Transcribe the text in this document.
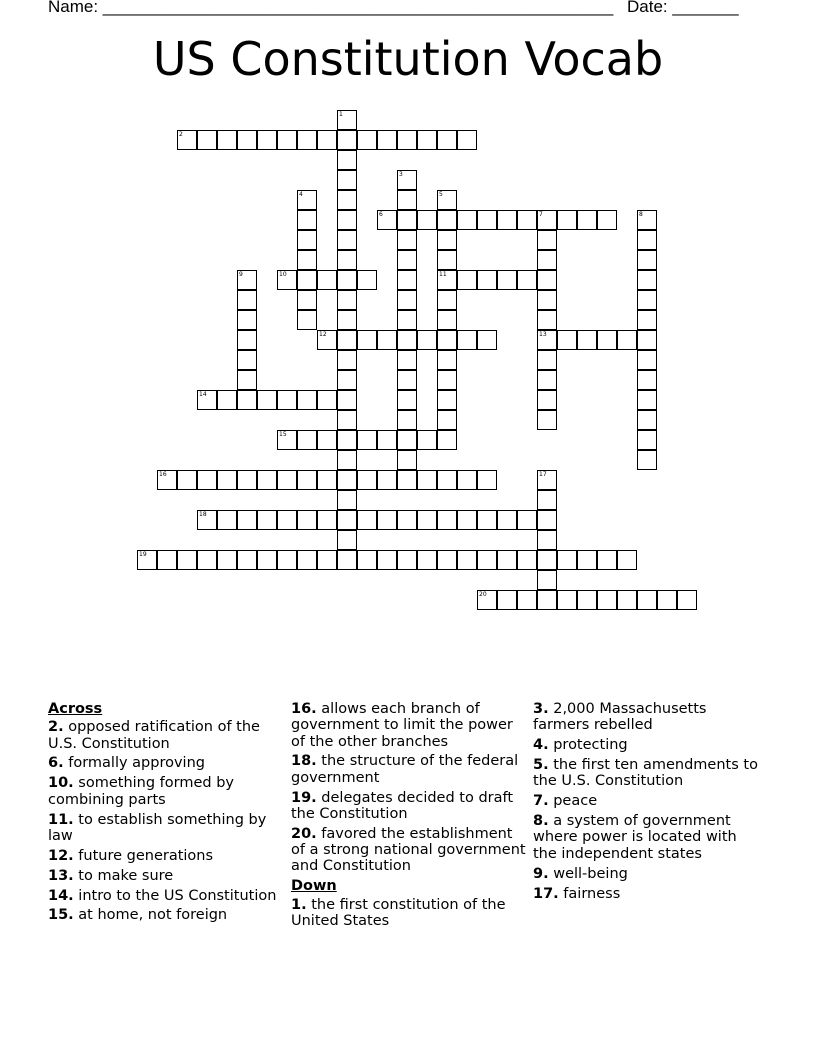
Name: ______________________________________________________ Date: _______
US Constitution Vocab
1
2
3
4	5
11
6	7
13
8
9	10
12
14
15
16	17
18
19
20
Across
2. opposed ratification of the U.S. Constitution
6. formally approving
10. something formed by combining parts
11. to establish something by law
12. future generations
13. to make sure
14. intro to the US Constitution
15. at home, not foreign
16. allows each branch of government to limit the power of the other branches
18. the structure of the federal government
19. delegates decided to draft the Constitution
20. favored the establishment of a strong national government and Constitution
Down
1. the first constitution of the United States
3. 2,000 Massachusetts farmers rebelled
4. protecting
5. the first ten amendments to the U.S. Constitution
7. peace
8. a system of government where power is located with the independent states
9. well-being
17. fairness
